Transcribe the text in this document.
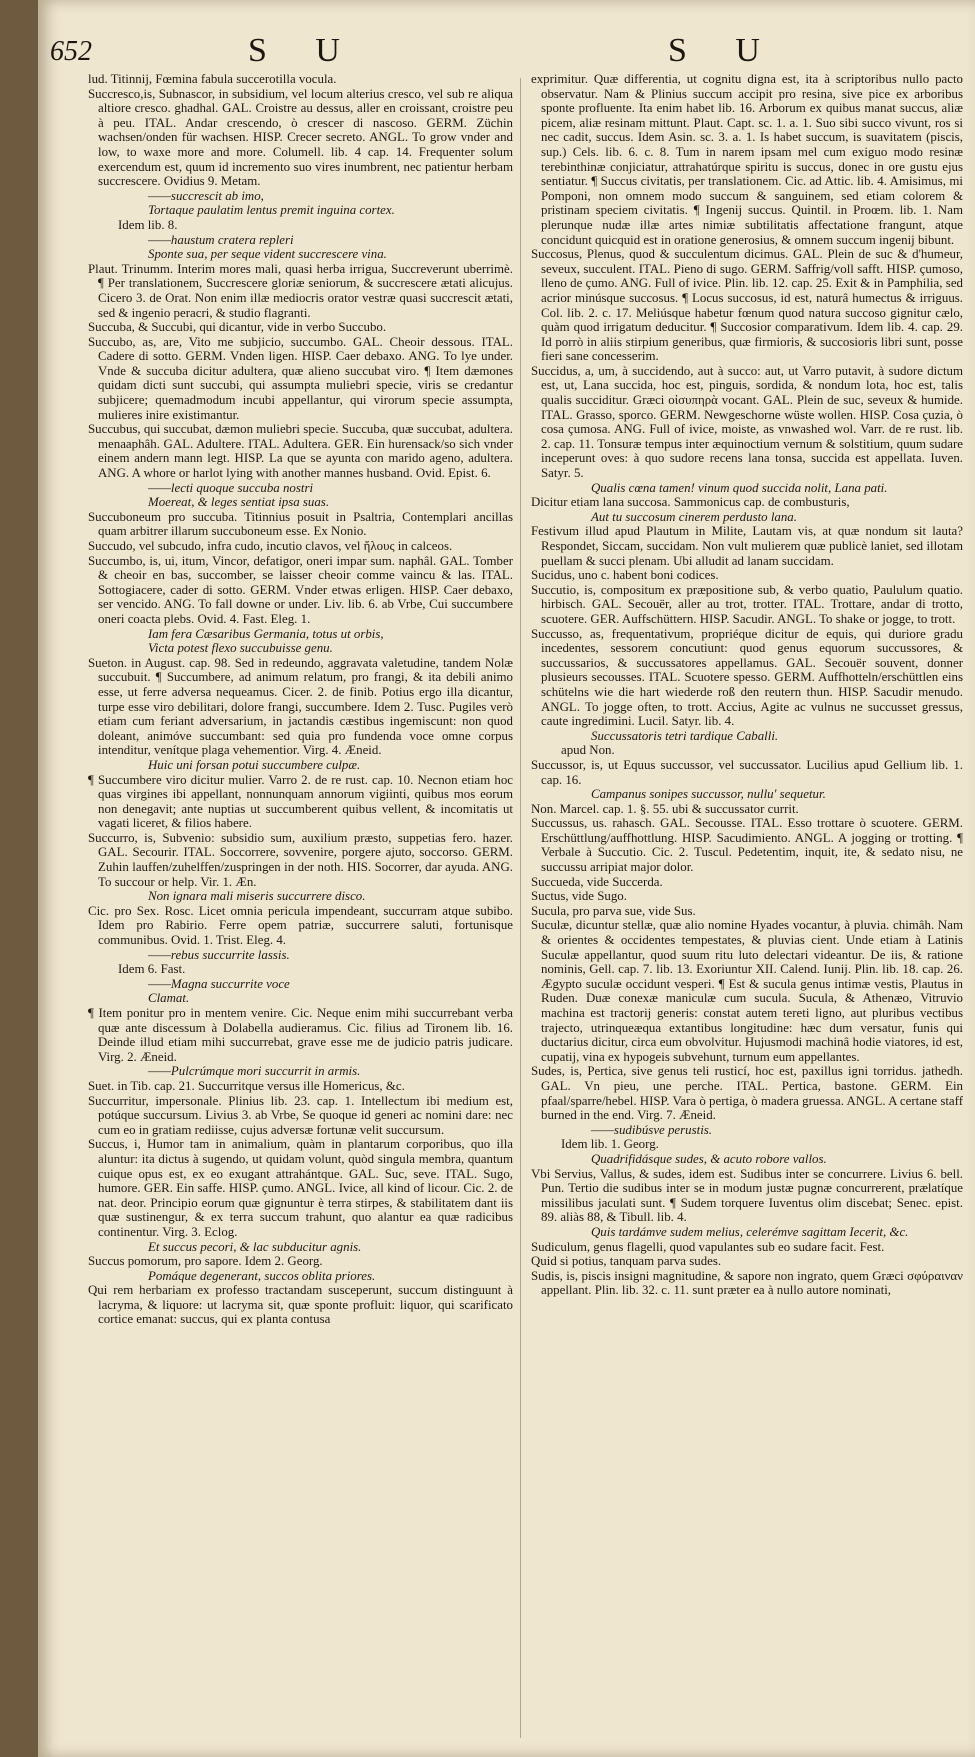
652	S U	S U

lud. Titinnij, Fœmina fabula succerotilla vocula.

Succresco,is, Subnascor, in subsidium, vel locum alterius cresco, vel sub re aliqua altiore cresco. ghadhal. GAL. Croistre au dessus, aller en croissant, croistre peu à peu. ITAL. Andar crescendo, ò crescer di nascoso. GERM. Züchin wachsen/onden für wachsen. HISP. Crecer secreto. ANGL. To grow vnder and low, to waxe more and more. Columell. lib. 4 cap. 14. Frequenter solum exercendum est, quum id incremento suo vires inumbrent, nec patientur herbam succrescere. Ovidius 9. Metam.

——succrescit ab imo,

Tortaque paulatim lentus premit inguina cortex.

Idem lib. 8.

——haustum cratera repleri

Sponte sua, per seque vident succrescere vina.

Plaut. Trinumm. Interim mores mali, quasi herba irrigua, Succreverunt uberrimè. ¶ Per translationem, Succrescere gloriæ seniorum, & succrescere ætati alicujus. Cicero 3. de Orat. Non enim illæ mediocris orator vestræ quasi succrescit ætati, sed & ingenio peracri, & studio flagranti.

Succuba, & Succubi, qui dicantur, vide in verbo Succubo.

Succubo, as, are, Vito me subjicio, succumbo. GAL. Cheoir dessous. ITAL. Cadere di sotto. GERM. Vnden ligen. HISP. Caer debaxo. ANG. To lye under. Vnde & succuba dicitur adultera, quæ alieno succubat viro. ¶ Item dæmones quidam dicti sunt succubi, qui assumpta muliebri specie, viris se credantur subjicere; quemadmodum incubi appellantur, qui virorum specie assumpta, mulieres inire existimantur.

Succubus, qui succubat, dæmon muliebri specie. Succuba, quæ succubat, adultera. menaaphâh. GAL. Adultere. ITAL. Adultera. GER. Ein hurensack/so sich vnder einem andern mann legt. HISP. La que se ayunta con marido ageno, adultera. ANG. A whore or harlot lying with another mannes husband. Ovid. Epist. 6.

——lecti quoque succuba nostri

Moereat, & leges sentiat ipsa suas.

Succuboneum pro succuba. Titinnius posuit in Psaltria, Contemplari ancillas quam arbitrer illarum succuboneum esse. Ex Nonio.

Succudo, vel subcudo, infra cudo, incutio clavos, vel ἥλους in calceos.

Succumbo, is, ui, itum, Vincor, defatigor, oneri impar sum. naphâl. GAL. Tomber & cheoir en bas, succomber, se laisser cheoir comme vaincu & las. ITAL. Sottogiacere, cader di sotto. GERM. Vnder etwas erligen. HISP. Caer debaxo, ser vencido. ANG. To fall downe or under. Liv. lib. 6. ab Vrbe, Cui succumbere oneri coacta plebs. Ovid. 4. Fast. Eleg. 1.

Iam fera Cæsaribus Germania, totus ut orbis,

Victa potest flexo succubuisse genu.

Sueton. in August. cap. 98. Sed in redeundo, aggravata valetudine, tandem Nolæ succubuit. ¶ Succumbere, ad animum relatum, pro frangi, & ita debili animo esse, ut ferre adversa nequeamus. Cicer. 2. de finib. Potius ergo illa dicantur, turpe esse viro debilitari, dolore frangi, succumbere. Idem 2. Tusc. Pugiles verò etiam cum feriant adversarium, in jactandis cæstibus ingemiscunt: non quod doleant, animóve succumbant: sed quia pro fundenda voce omne corpus intenditur, venítque plaga vehementior. Virg. 4. Æneid.

Huic uni forsan potui succumbere culpæ.

¶ Succumbere viro dicitur mulier. Varro 2. de re rust. cap. 10. Necnon etiam hoc quas virgines ibi appellant, nonnunquam annorum vigiinti, quibus mos eorum non denegavit; ante nuptias ut succumberent quibus vellent, & incomitatis ut vagati liceret, & filios habere.

Succurro, is, Subvenio: subsidio sum, auxilium præsto, suppetias fero. hazer. GAL. Secourir. ITAL. Soccorrere, sovvenire, porgere ajuto, soccorso. GERM. Zuhin lauffen/zuhelffen/zuspringen in der noth. HIS. Socorrer, dar ayuda. ANG. To succour or help. Vir. 1. Æn.

Non ignara mali miseris succurrere disco.

Cic. pro Sex. Rosc. Licet omnia pericula impendeant, succurram atque subibo. Idem pro Rabirio. Ferre opem patriæ, succurrere saluti, fortunisque communibus. Ovid. 1. Trist. Eleg. 4.

——rebus succurrite lassis.

Idem 6. Fast.

——Magna succurrite voce

Clamat.

¶ Item ponitur pro in mentem venire. Cic. Neque enim mihi succurrebant verba quæ ante discessum à Dolabella audieramus. Cic. filius ad Tironem lib. 16. Deinde illud etiam mihi succurrebat, grave esse me de judicio patris judicare. Virg. 2. Æneid.

——Pulcrúmque mori succurrit in armis.

Suet. in Tib. cap. 21. Succurritque versus ille Homericus, &c.

Succurritur, impersonale. Plinius lib. 23. cap. 1. Intellectum ibi medium est, potúque succursum. Livius 3. ab Vrbe, Se quoque id generi ac nomini dare: nec cum eo in gratiam rediisse, cujus adversæ fortunæ velit succursum.

Succus, i, Humor tam in animalium, quàm in plantarum corporibus, quo illa aluntur: ita dictus à sugendo, ut quidam volunt, quòd singula membra, quantum cuique opus est, ex eo exugant attrahántque. GAL. Suc, seve. ITAL. Sugo, humore. GER. Ein saffe. HISP. çumo. ANGL. Ivice, all kind of licour. Cic. 2. de nat. deor. Principio eorum quæ gignuntur è terra stirpes, & stabilitatem dant iis quæ sustinengur, & ex terra succum trahunt, quo alantur ea quæ radicibus continentur. Virg. 3. Eclog.

Et succus pecori, & lac subducitur agnis.

Succus pomorum, pro sapore. Idem 2. Georg.

Pomáque degenerant, succos oblita priores.

Qui rem herbariam ex professo tractandam susceperunt, succum distinguunt à lacryma, & liquore: ut lacryma sit, quæ sponte profluit: liquor, qui scarificato cortice emanat: succus, qui ex planta contusa

exprimitur. Quæ differentia, ut cognitu digna est, ita à scriptoribus nullo pacto observatur. Nam & Plinius succum accipit pro resina, sive pice ex arboribus sponte profluente. Ita enim habet lib. 16. Arborum ex quibus manat succus, aliæ picem, aliæ resinam mittunt. Plaut. Capt. sc. 1. a. 1. Suo sibi succo vivunt, ros si nec cadit, succus. Idem Asin. sc. 3. a. 1. Is habet succum, is suavitatem (piscis, sup.) Cels. lib. 6. c. 8. Tum in narem ipsam mel cum exiguo modo resinæ terebinthinæ conjiciatur, attrahatúrque spiritu is succus, donec in ore gustu ejus sentiatur. ¶ Succus civitatis, per translationem. Cic. ad Attic. lib. 4. Amisimus, mi Pomponi, non omnem modo succum & sanguinem, sed etiam colorem & pristinam speciem civitatis. ¶ Ingenij succus. Quintil. in Proœm. lib. 1. Nam plerunque nudæ illæ artes nimiæ subtilitatis affectatione frangunt, atque concidunt quicquid est in oratione generosius, & omnem succum ingenij bibunt.

Succosus, Plenus, quod & succulentum dicimus. GAL. Plein de suc & d'humeur, seveux, succulent. ITAL. Pieno di sugo. GERM. Saffrig/voll safft. HISP. çumoso, lleno de çumo. ANG. Full of ivice. Plin. lib. 12. cap. 25. Exit & in Pamphilia, sed acrior minúsque succosus. ¶ Locus succosus, id est, naturâ humectus & irriguus. Col. lib. 2. c. 17. Meliúsque habetur fœnum quod natura succoso gignitur cælo, quàm quod irrigatum deducitur. ¶ Succosior comparativum. Idem lib. 4. cap. 29. Id porrò in aliis stirpium generibus, quæ firmioris, & succosioris libri sunt, posse fieri sane concesserim.

Succidus, a, um, à succidendo, aut à succo: aut, ut Varro putavit, à sudore dictum est, ut, Lana succida, hoc est, pinguis, sordida, & nondum lota, hoc est, talis qualis succiditur. Græci οἰσυπηρὰ vocant. GAL. Plein de suc, seveux & humide. ITAL. Grasso, sporco. GERM. Newgeschorne wüste wollen. HISP. Cosa çuzia, ò cosa çumosa. ANG. Full of ivice, moiste, as vnwashed wol. Varr. de re rust. lib. 2. cap. 11. Tonsuræ tempus inter æquinoctium vernum & solstitium, quum sudare inceperunt oves: à quo sudore recens lana tonsa, succida est appellata. Iuven. Satyr. 5.

Qualis cœna tamen! vinum quod succida nolit, Lana pati.

Dicitur etiam lana succosa. Sammonicus cap. de combusturis,

Aut tu succosum cinerem perdusto lana.

Festivum illud apud Plautum in Milite, Lautam vis, at quæ nondum sit lauta? Respondet, Siccam, succidam. Non vult mulierem quæ publicè laniet, sed illotam puellam & succi plenam. Ubi alludit ad lanam succidam.

Sucidus, uno c. habent boni codices.

Succutio, is, compositum ex præpositione sub, & verbo quatio, Paululum quatio. hirbisch. GAL. Secouër, aller au trot, trotter. ITAL. Trottare, andar di trotto, scuotere. GER. Auffschüttern. HISP. Sacudir. ANGL. To shake or jogge, to trott.

Succusso, as, frequentativum, propriéque dicitur de equis, qui duriore gradu incedentes, sessorem concutiunt: quod genus equorum succussores, & succussarios, & succussatores appellamus. GAL. Secouër souvent, donner plusieurs secousses. ITAL. Scuotere spesso. GERM. Auffhotteln/erschüttlen eins schütelns wie die hart wiederde roß den reutern thun. HISP. Sacudir menudo. ANGL. To jogge often, to trott. Accius, Agite ac vulnus ne succusset gressus, caute ingredimini. Lucil. Satyr. lib. 4.

Succussatoris tetri tardique Caballi.

apud Non.

Succussor, is, ut Equus succussor, vel succussator. Lucilius apud Gellium lib. 1. cap. 16.

Campanus sonipes succussor, nullu' sequetur.

Non. Marcel. cap. 1. §. 55. ubi & succussator currit.

Succussus, us. rahasch. GAL. Secousse. ITAL. Esso trottare ò scuotere. GERM. Erschüttlung/auffhottlung. HISP. Sacudimiento. ANGL. A jogging or trotting. ¶ Verbale à Succutio. Cic. 2. Tuscul. Pedetentim, inquit, ite, & sedato nisu, ne succussu arripiat major dolor.

Succueda, vide Succerda.

Suctus, vide Sugo.

Sucula, pro parva sue, vide Sus.

Suculæ, dicuntur stellæ, quæ alio nomine Hyades vocantur, à pluvia. chimâh. Nam & orientes & occidentes tempestates, & pluvias cient. Unde etiam à Latinis Suculæ appellantur, quod suum ritu luto delectari videantur. De iis, & ratione nominis, Gell. cap. 7. lib. 13. Exoriuntur XII. Calend. Iunij. Plin. lib. 18. cap. 26. Ægypto suculæ occidunt vesperi. ¶ Est & sucula genus intimæ vestis, Plautus in Ruden. Duæ conexæ maniculæ cum sucula. Sucula, & Athenæo, Vitruvio machina est tractorij generis: constat autem tereti ligno, aut pluribus vectibus trajecto, utrinqueæqua extantibus longitudine: hæc dum versatur, funis qui ductarius dicitur, circa eum obvolvitur. Hujusmodi machinâ hodie viatores, id est, cupatij, vina ex hypogeis subvehunt, turnum eum appellantes.

Sudes, is, Pertica, sive genus teli rusticí, hoc est, paxillus igni torridus. jathedh. GAL. Vn pieu, une perche. ITAL. Pertica, bastone. GERM. Ein pfaal/sparre/hebel. HISP. Vara ò pertiga, ò madera gruessa. ANGL. A certane staff burned in the end. Virg. 7. Æneid.

——sudibúsve perustis.

Idem lib. 1. Georg.

Quadrifidásque sudes, & acuto robore vallos.

Vbi Servius, Vallus, & sudes, idem est. Sudibus inter se concurrere. Livius 6. bell. Pun. Tertio die sudibus inter se in modum justæ pugnæ concurrerent, prælatíque missilibus jaculati sunt. ¶ Sudem torquere Iuventus olim discebat; Senec. epist. 89. aliàs 88, & Tibull. lib. 4.

Quis tardámve sudem melius, celerémve sagittam Iecerit, &c.

Sudiculum, genus flagelli, quod vapulantes sub eo sudare facit. Fest.

Quid si potius, tanquam parva sudes.

Sudis, is, piscis insigni magnitudine, & sapore non ingrato, quem Græci σφύραιναν appellant. Plin. lib. 32. c. 11. sunt præter ea à nullo autore nominati,
